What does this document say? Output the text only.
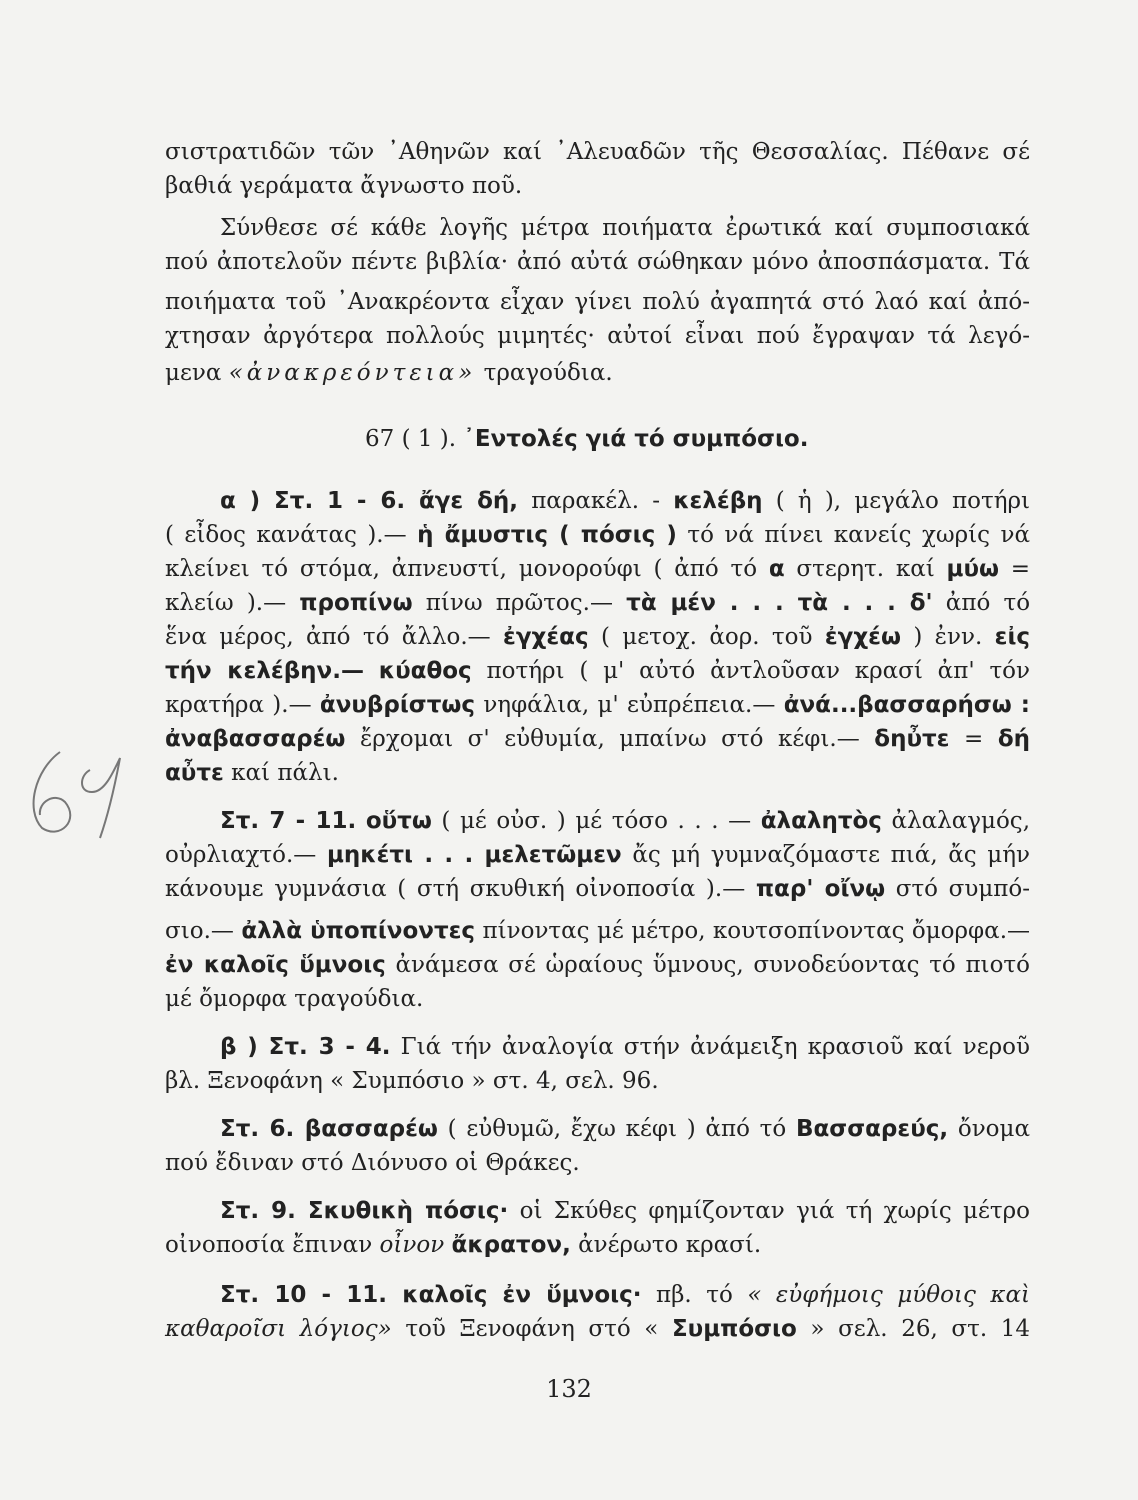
σιστρατιδῶν τῶν ᾿Αθηνῶν καί ᾿Αλευαδῶν τῆς Θεσσαλίας. Πέθανε σέ
βαθιά γεράματα ἄγνωστο ποῦ.
Σύνθεσε σέ κάθε λογῆς μέτρα ποιήματα ἐρωτικά καί συμποσιακά
πού ἀποτελοῦν πέντε βιβλία· ἀπό αὐτά σώθηκαν μόνο ἀποσπάσματα. Τά
ποιήματα τοῦ ᾿Ανακρέοντα εἶχαν γίνει πολύ ἀγαπητά στό λαό καί ἀπό-
χτησαν ἀργότερα πολλούς μιμητές· αὐτοί εἶναι πού ἔγραψαν τά λεγό-
μενα «ἀνακρεόντεια» τραγούδια.
67 ( 1 ). ᾿Εντολές γιά τό συμπόσιο.
α ) Στ. 1 - 6. ἄγε δή, παρακέλ. - κελέβη ( ἡ ), μεγάλο ποτήρι
( εἶδος κανάτας ).— ἡ ἄμυστις ( πόσις ) τό νά πίνει κανείς χωρίς νά
κλείνει τό στόμα, ἀπνευστί, μονορούφι ( ἀπό τό α στερητ. καί μύω =
κλείω ).— προπίνω πίνω πρῶτος.— τὰ μέν . . . τὰ . . . δ' ἀπό τό
ἕνα μέρος, ἀπό τό ἄλλο.— ἐγχέας ( μετοχ. ἀορ. τοῦ ἐγχέω ) ἐνν. εἰς
τήν κελέβην.— κύαθος ποτήρι ( μ' αὐτό ἀντλοῦσαν κρασί ἀπ' τόν
κρατήρα ).— ἀνυβρίστως νηφάλια, μ' εὐπρέπεια.— ἀνά...βασσαρήσω :
ἀναβασσαρέω ἔρχομαι σ' εὐθυμία, μπαίνω στό κέφι.— δηὖτε = δή
αὖτε καί πάλι.
Στ. 7 - 11. οὕτω ( μέ οὐσ. ) μέ τόσο . . . — ἀλαλητὸς ἀλαλαγμός,
οὐρλιαχτό.— μηκέτι . . . μελετῶμεν ἄς μή γυμναζόμαστε πιά, ἄς μήν
κάνουμε γυμνάσια ( στή σκυθική οἰνοποσία ).— παρ' οἴνῳ στό συμπό-
σιο.— ἀλλὰ ὑποπίνοντες πίνοντας μέ μέτρο, κουτσοπίνοντας ὄμορφα.—
ἐν καλοῖς ὕμνοις ἀνάμεσα σέ ὡραίους ὕμνους, συνοδεύοντας τό πιοτό
μέ ὄμορφα τραγούδια.
β ) Στ. 3 - 4. Γιά τήν ἀναλογία στήν ἀνάμειξη κρασιοῦ καί νεροῦ
βλ. Ξενοφάνη « Συμπόσιο » στ. 4, σελ. 96.
Στ. 6. βασσαρέω ( εὐθυμῶ, ἔχω κέφι ) ἀπό τό Βασσαρεύς, ὄνομα
πού ἔδιναν στό Διόνυσο οἱ Θράκες.
Στ. 9. Σκυθικὴ πόσις· οἱ Σκύθες φημίζονταν γιά τή χωρίς μέτρο
οἰνοποσία ἔπιναν οἶνον ἄκρατον, ἀνέρωτο κρασί.
Στ. 10 - 11. καλοῖς ἐν ὕμνοις· πβ. τό « εὐφήμοις μύθοις καὶ
καθαροῖσι λόγιος» τοῦ Ξενοφάνη στό « Συμπόσιο » σελ. 26, στ. 14
132
